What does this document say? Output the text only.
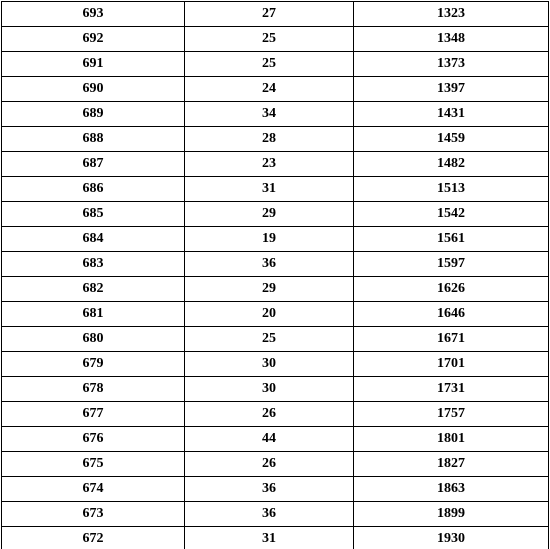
693	27	1323
692	25	1348
691	25	1373
690	24	1397
689	34	1431
688	28	1459
687	23	1482
686	31	1513
685	29	1542
684	19	1561
683	36	1597
682	29	1626
681	20	1646
680	25	1671
679	30	1701
678	30	1731
677	26	1757
676	44	1801
675	26	1827
674	36	1863
673	36	1899
672	31	1930
